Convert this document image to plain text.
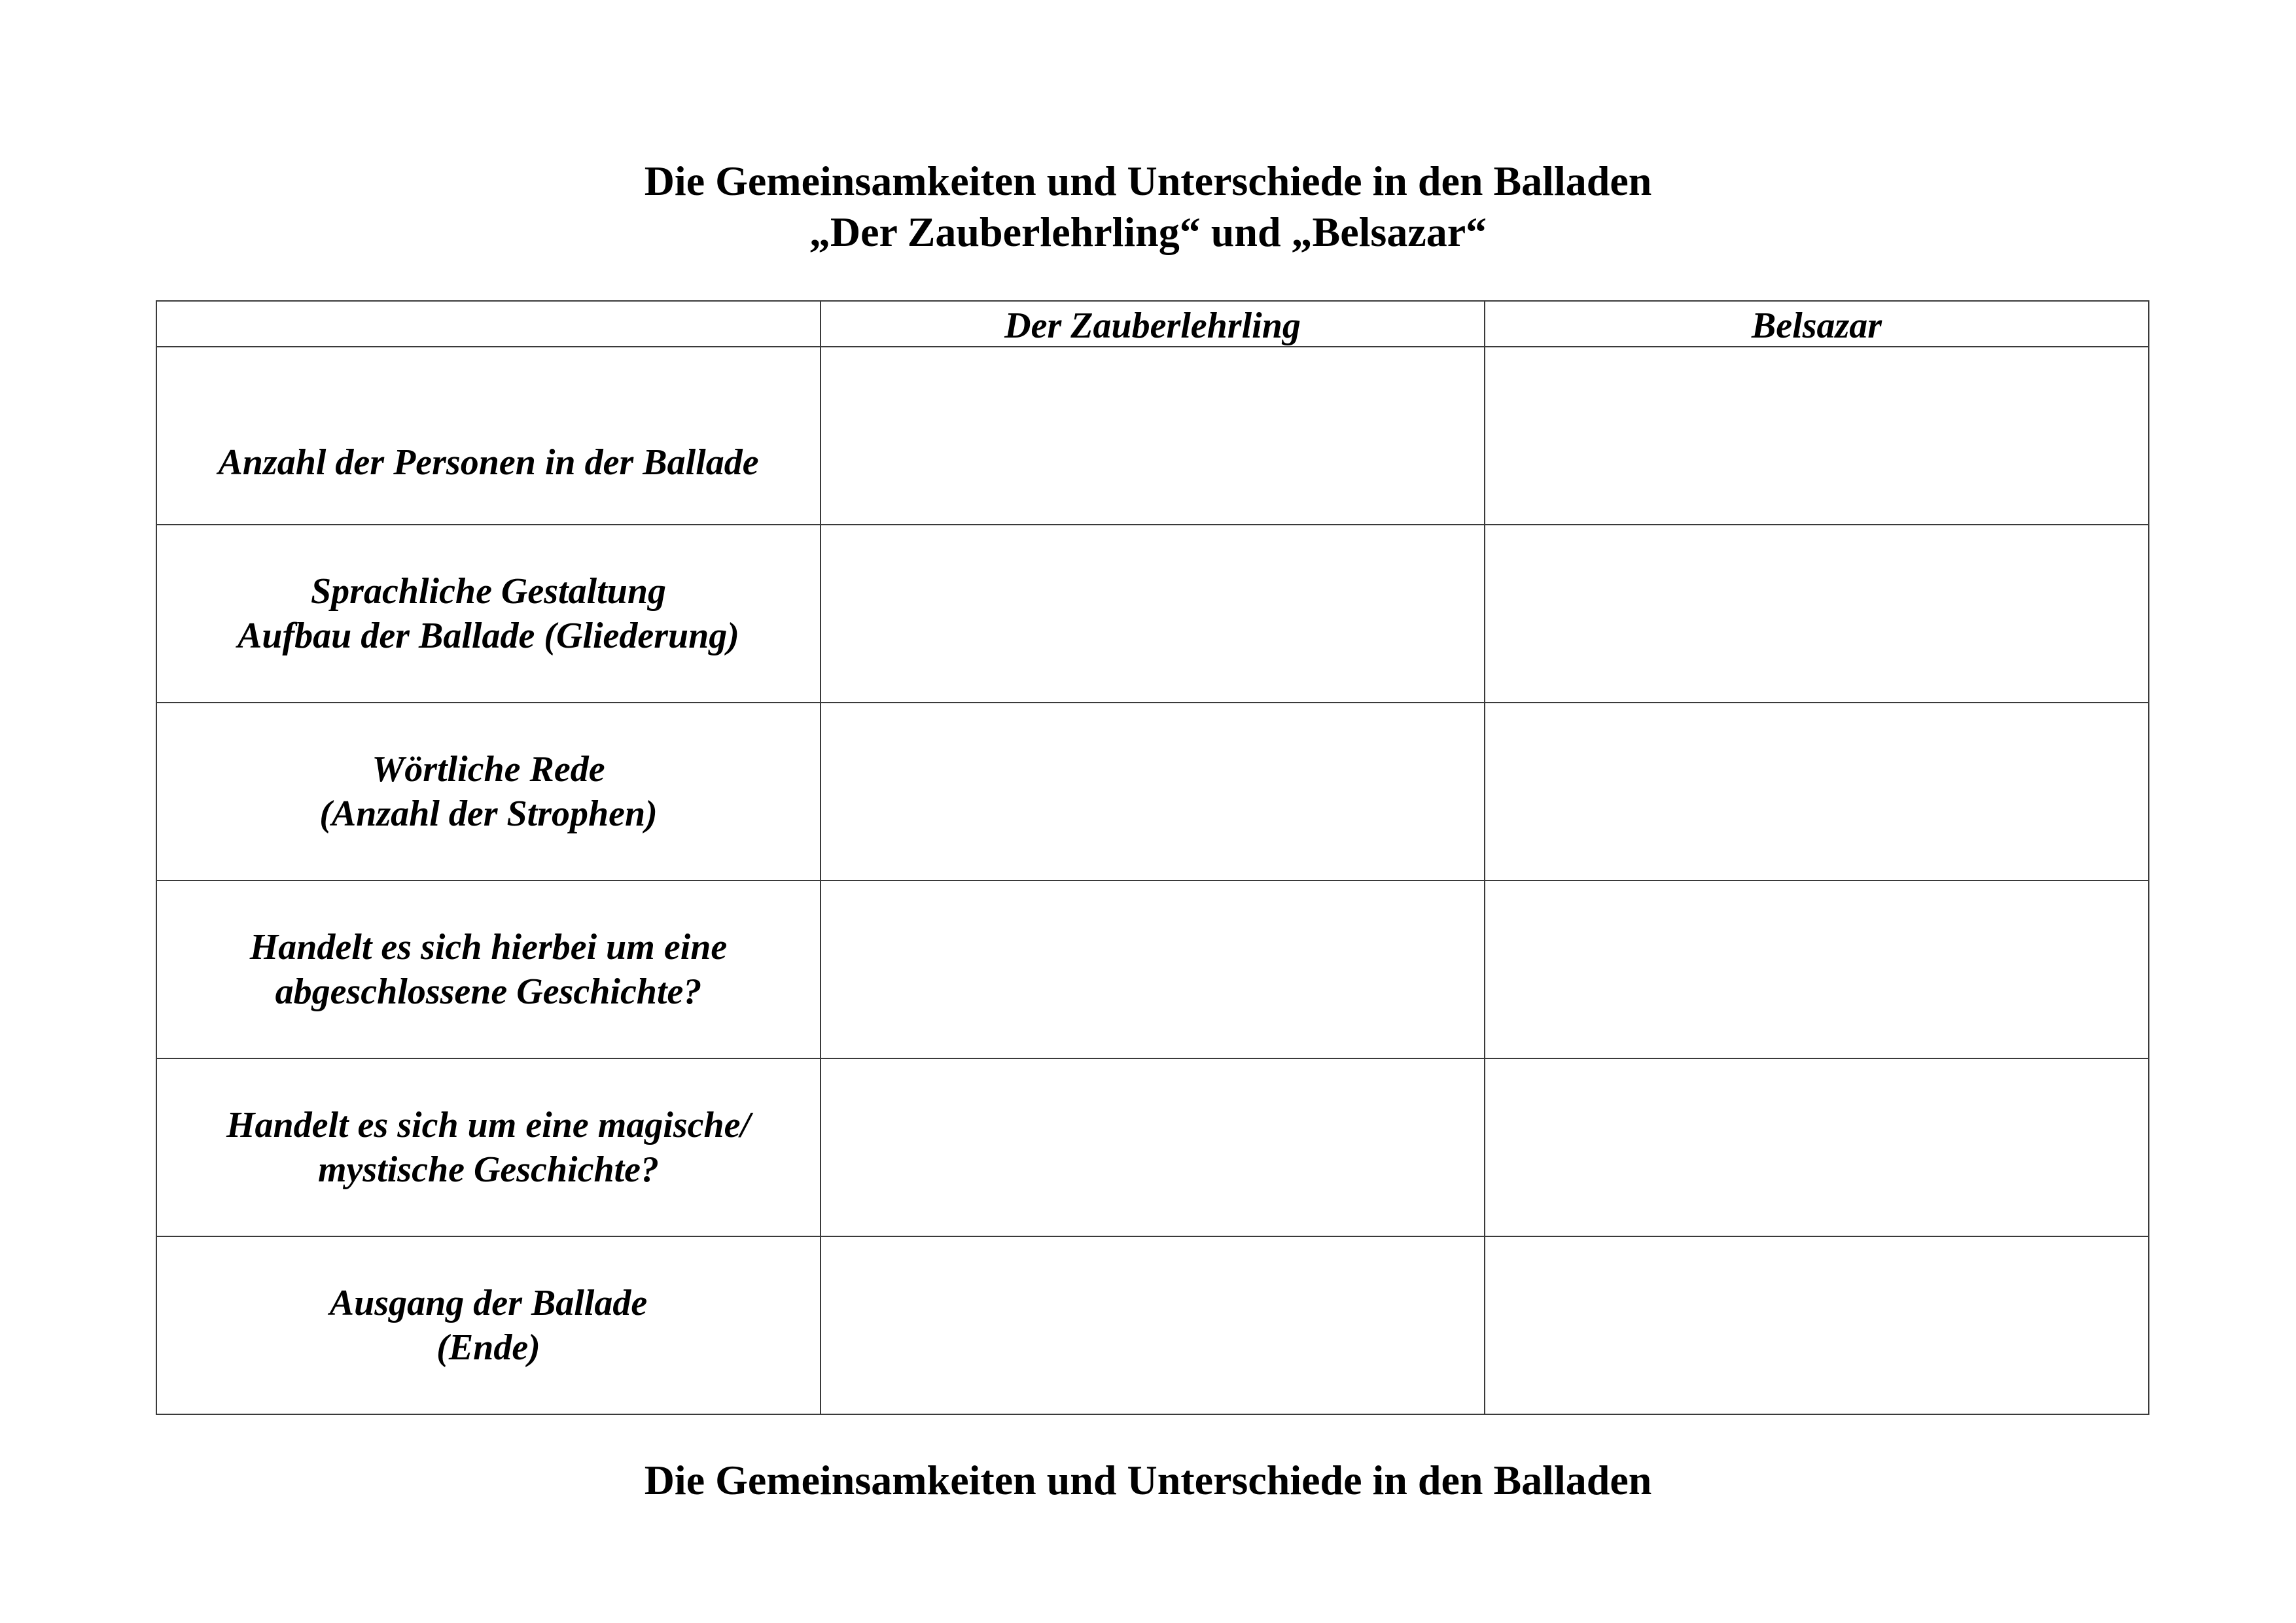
Die Gemeinsamkeiten und Unterschiede in den Balladen
„Der Zauberlehrling“ und „Belsazar“
	Der Zauberlehrling	Belsazar

Anzahl der Personen in der Ballade		

Sprachliche Gestaltung
Aufbau der Ballade (Gliederung)		

Wörtliche Rede
(Anzahl der Strophen)		

Handelt es sich hierbei um eine
abgeschlossene Geschichte?		

Handelt es sich um eine magische/
mystische Geschichte?		

Ausgang der Ballade
(Ende)		

Die Gemeinsamkeiten und Unterschiede in den Balladen
